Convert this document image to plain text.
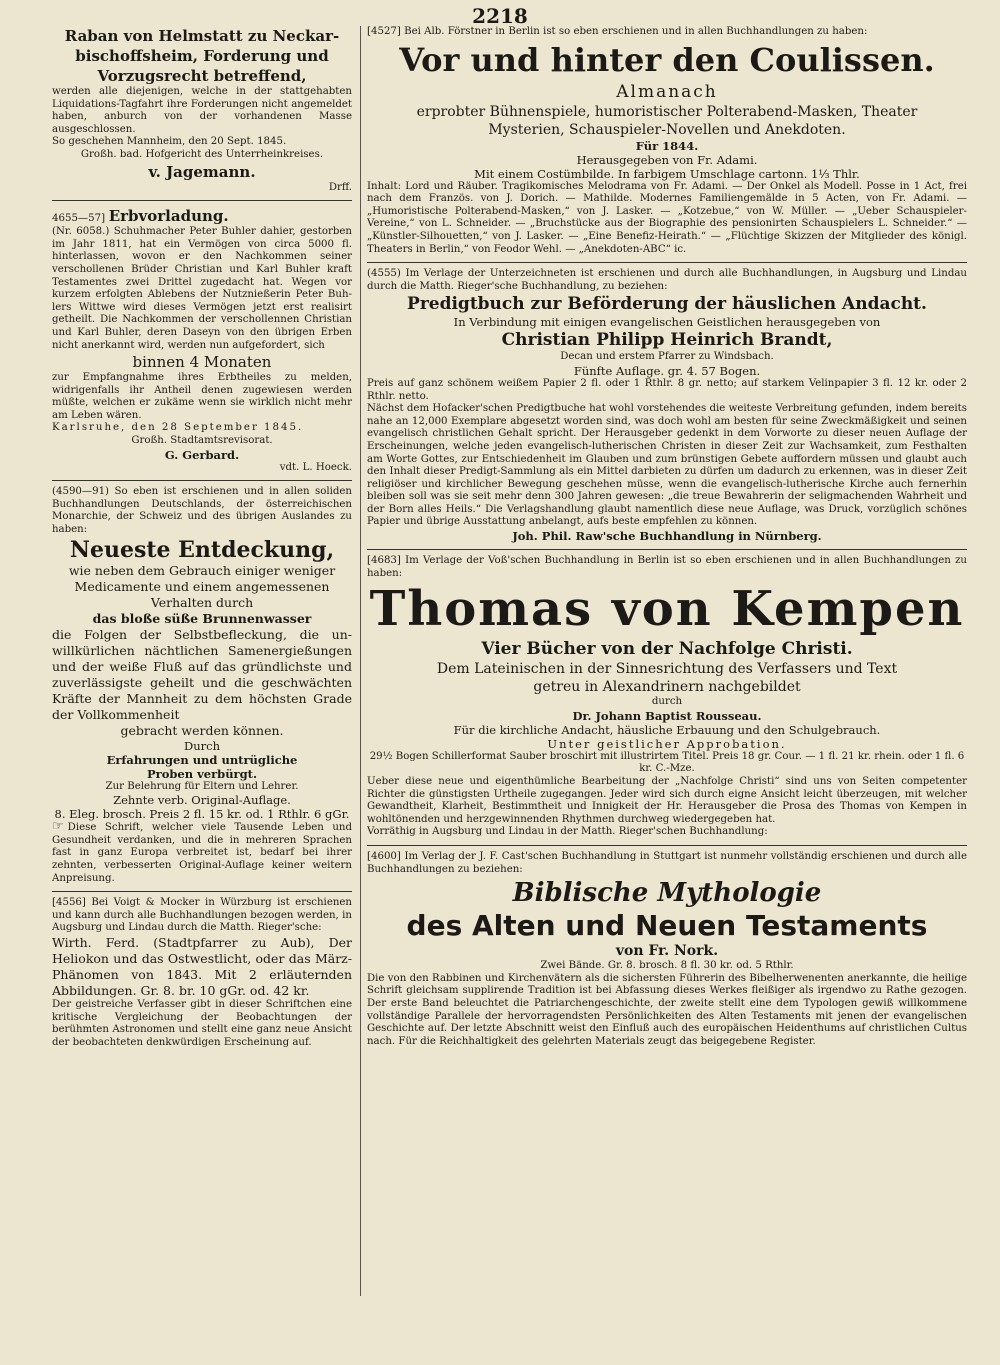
2218

Raban von Helmstatt zu Neckarbischoffsheim, Forderung und Vorzugsrecht betreffend,

werden alle diejenigen, welche in der stattgehabten Liquidations-Tagfahrt ihre Forderungen nicht angemeldet haben, anburch von der vorhandenen Masse ausgeschlossen.

So geschehen Mannheim, den 20 Sept. 1845.

Großh. bad. Hofgericht des Unterrheinkreises.

v. Jagemann.

Drff.

4655—57] Erbvorladung.

(Nr. 6058.) Schuhmacher Peter Buhler dahier, gestorben im Jahr 1811, hat ein Vermögen von circa 5000 fl. hinterlassen, wovon er den Nachkommen seiner verschollenen Brüder Christian und Karl Buhler kraft Testamentes zwei Drittel zugedacht hat. Wegen vor kurzem erfolgten Ablebens der Nutznießerin Peter Buhlers Wittwe wird dieses Vermögen jetzt erst realisirt getheilt. Die Nachkommen der verschollennen Christian und Karl Buhler, deren Daseyn von den übrigen Erben nicht anerkannt wird, werden nun aufgefordert, sich

binnen 4 Monaten

zur Empfangnahme ihres Erbtheiles zu melden, widrigenfalls ihr Antheil denen zugewiesen werden müßte, welchen er zukäme wenn sie wirklich nicht mehr am Leben wären.

Karlsruhe, den 28 September 1845.

Großh. Stadtamtsrevisorat.

G. Gerbard.

vdt. L. Hoeck.

(4590—91) So eben ist erschienen und in allen soliden Buchhandlungen Deutschlands, der österreichischen Monarchie, der Schweiz und des übrigen Auslandes zu haben:

Neueste Entdeckung,

wie neben dem Gebrauch einiger weniger

Medicamente und einem angemessenen

Verhalten durch

das bloße süße Brunnenwasser

die Folgen der Selbstbefleckung, die unwillkürlichen nächtlichen Samenergießungen und der weiße Fluß auf das gründlichste und zuverlässigste geheilt und die geschwächten Kräfte der Mannheit zu dem höchsten Grade der Vollkommenheit

gebracht werden können.

Durch

Erfahrungen und untrügliche

Proben verbürgt.

Zur Belehrung für Eltern und Lehrer.

Zehnte verb. Original-Auflage.

8. Eleg. brosch. Preis 2 fl. 15 kr. od. 1 Rthlr. 6 gGr.

☞ Diese Schrift, welcher viele Tausende Leben und Gesundheit verdanken, und die in mehreren Sprachen fast in ganz Europa verbreitet ist, bedarf bei ihrer zehnten, verbesserten Original-Auflage keiner weitern Anpreisung.

[4556] Bei Voigt & Mocker in Würzburg ist erschienen und kann durch alle Buchhandlungen bezogen werden, in Augsburg und Lindau durch die Matth. Rieger'sche:

Wirth. Ferd. (Stadtpfarrer zu Aub), Der Heliokon und das Ostwestlicht, oder das MärzPhänomen von 1843. Mit 2 erläuternden Abbildungen. Gr. 8. br. 10 gGr. od. 42 kr.

Der geistreiche Verfasser gibt in dieser Schriftchen eine kritische Vergleichung der Beobachtungen der berühmten Astronomen und stellt eine ganz neue Ansicht der beobachteten denkwürdigen Erscheinung auf.

[4527] Bei Alb. Förstner in Berlin ist so eben erschienen und in allen Buchhandlungen zu haben:

Vor und hinter den Coulissen.

Almanach

erprobter Bühnenspiele, humoristischer Polterabend-Masken, Theater

Mysterien, Schauspieler-Novellen und Anekdoten.

Für 1844.

Herausgegeben von Fr. Adami.

Mit einem Costümbilde. In farbigem Umschlage cartonn. 1⅓ Thlr.

Inhalt: Lord und Räuber. Tragikomisches Melodrama von Fr. Adami. — Der Onkel als Modell. Posse in 1 Act, frei nach dem Französ. von J. Dorich. — Mathilde. Modernes Familiengemälde in 5 Acten, von Fr. Adami. — „Humoristische Polterabend-Masken,“ von J. Lasker. — „Kotzebue,“ von W. Müller. — „Ueber Schauspieler-Vereine,“ von L. Schneider. — „Bruchstücke aus der Biographie des pensionirten Schauspielers L. Schneider.“ — „Künstler-Silhouetten,“ von J. Lasker. — „Eine Benefiz-Heirath.“ — „Flüchtige Skizzen der Mitglieder des königl. Theaters in Berlin,“ von Feodor Wehl. — „Anekdoten-ABC“ ic.

(4555) Im Verlage der Unterzeichneten ist erschienen und durch alle Buchhandlungen, in Augsburg und Lindau durch die Matth. Rieger'sche Buchhandlung, zu beziehen:

Predigtbuch zur Beförderung der häuslichen Andacht.

In Verbindung mit einigen evangelischen Geistlichen herausgegeben von

Christian Philipp Heinrich Brandt,

Decan und erstem Pfarrer zu Windsbach.

Fünfte Auflage. gr. 4. 57 Bogen.

Preis auf ganz schönem weißem Papier 2 fl. oder 1 Rthlr. 8 gr. netto; auf starkem Velinpapier 3 fl. 12 kr. oder 2 Rthlr. netto.

Nächst dem Hofacker'schen Predigtbuche hat wohl vorstehendes die weiteste Verbreitung gefunden, indem bereits nahe an 12,000 Exemplare abgesetzt worden sind, was doch wohl am besten für seine Zweckmäßigkeit und seinen evangelisch christlichen Gehalt spricht. Der Herausgeber gedenkt in dem Vorworte zu dieser neuen Auflage der Erscheinungen, welche jeden evangelisch-lutherischen Christen in dieser Zeit zur Wachsamkeit, zum Festhalten am Worte Gottes, zur Entschiedenheit im Glauben und zum brünstigen Gebete auffordern müssen und glaubt auch den Inhalt dieser Predigt-Sammlung als ein Mittel darbieten zu dürfen um dadurch zu erkennen, was in dieser Zeit religiöser und kirchlicher Bewegung geschehen müsse, wenn die evangelisch-lutherische Kirche auch fernerhin bleiben soll was sie seit mehr denn 300 Jahren gewesen: „die treue Bewahrerin der seligmachenden Wahrheit und der Born alles Heils.“ Die Verlagshandlung glaubt namentlich diese neue Auflage, was Druck, vorzüglich schönes Papier und übrige Ausstattung anbelangt, aufs beste empfehlen zu können.

Joh. Phil. Raw'sche Buchhandlung in Nürnberg.

[4683] Im Verlage der Voß'schen Buchhandlung in Berlin ist so eben erschienen und in allen Buchhandlungen zu haben:

Thomas von Kempen

Vier Bücher von der Nachfolge Christi.

Dem Lateinischen in der Sinnesrichtung des Verfassers und Text

getreu in Alexandrinern nachgebildet

durch

Dr. Johann Baptist Rousseau.

Für die kirchliche Andacht, häusliche Erbauung und den Schulgebrauch.

Unter geistlicher Approbation.

29½ Bogen Schillerformat Sauber broschirt mit illustrirtem Titel. Preis 18 gr. Cour. — 1 fl. 21 kr. rhein. oder 1 fl. 6 kr. C.-Mze.

Ueber diese neue und eigenthümliche Bearbeitung der „Nachfolge Christi“ sind uns von Seiten competenter Richter die günstigsten Urtheile zugegangen. Jeder wird sich durch eigne Ansicht leicht überzeugen, mit welcher Gewandtheit, Klarheit, Bestimmtheit und Innigkeit der Hr. Herausgeber die Prosa des Thomas von Kempen in wohltönenden und herzgewinnenden Rhythmen durchweg wiedergegeben hat.

Vorräthig in Augsburg und Lindau in der Matth. Rieger'schen Buchhandlung:

[4600] Im Verlag der J. F. Cast'schen Buchhandlung in Stuttgart ist nunmehr vollständig erschienen und durch alle Buchhandlungen zu beziehen:

Biblische Mythologie

des Alten und Neuen Testaments

von Fr. Nork.

Zwei Bände. Gr. 8. brosch. 8 fl. 30 kr. od. 5 Rthlr.

Die von den Rabbinen und Kirchenvätern als die sichersten Führerin des Bibelherwenenten anerkannte, die heilige Schrift gleichsam supplirende Tradition ist bei Abfassung dieses Werkes fleißiger als irgendwo zu Rathe gezogen. Der erste Band beleuchtet die Patriarchengeschichte, der zweite stellt eine dem Typologen gewiß willkommene vollständige Parallele der hervorragendsten Persönlichkeiten des Alten Testaments mit jenen der evangelischen Geschichte auf. Der letzte Abschnitt weist den Einfluß auch des europäischen Heidenthums auf christlichen Cultus nach. Für die Reichhaltigkeit des gelehrten Materials zeugt das beigegebene Register.
